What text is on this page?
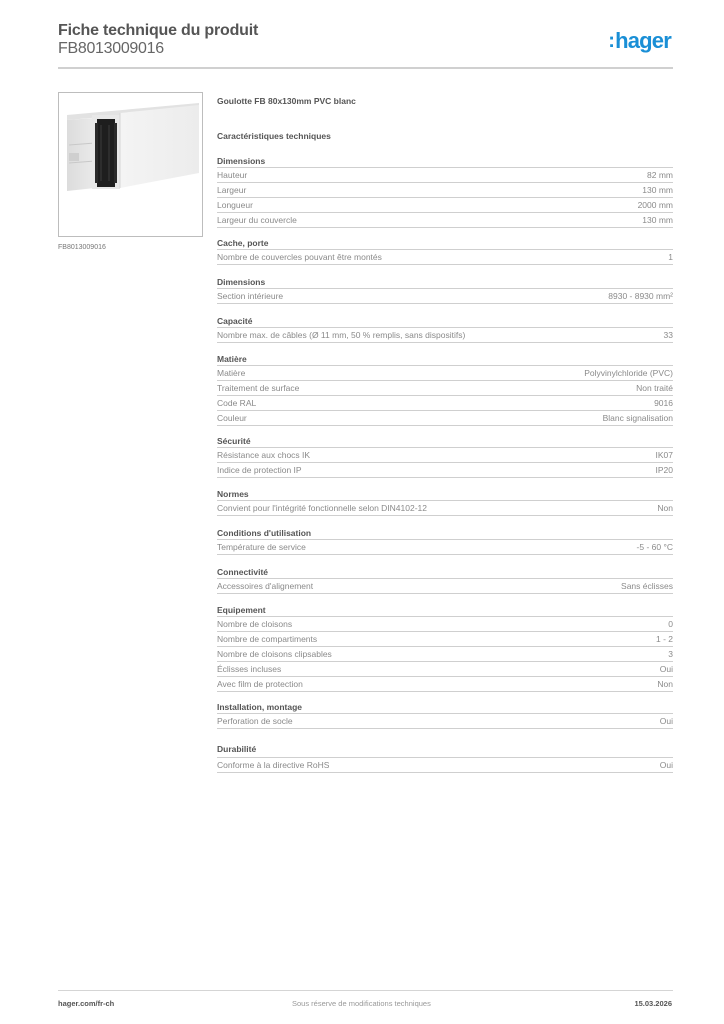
Fiche technique du produit
FB8013009016	:hager
FB8013009016
Goulotte FB 80x130mm PVC blanc
Caractéristiques techniques
Dimensions
Hauteur	82 mm
Largeur	130 mm
Longueur	2000 mm
Largeur du couvercle	130 mm
Cache, porte
Nombre de couvercles pouvant être montés	1
Dimensions
Section intérieure	8930 - 8930 mm²
Capacité
Nombre max. de câbles (Ø 11 mm, 50 % remplis, sans dispositifs)	33
Matière
Matière	Polyvinylchloride (PVC)
Traitement de surface	Non traité
Code RAL	9016
Couleur	Blanc signalisation
Sécurité
Résistance aux chocs IK	IK07
Indice de protection IP	IP20
Normes
Convient pour l'intégrité fonctionnelle selon DIN4102-12	Non
Conditions d'utilisation
Température de service	-5 - 60 °C
Connectivité
Accessoires d'alignement	Sans éclisses
Equipement
Nombre de cloisons	0
Nombre de compartiments	1 - 2
Nombre de cloisons clipsables	3
Éclisses incluses	Oui
Avec film de protection	Non
Installation, montage
Perforation de socle	Oui
Durabilité
Conforme à la directive RoHS	Oui
hager.com/fr-ch	Sous réserve de modifications techniques	15.03.2026
